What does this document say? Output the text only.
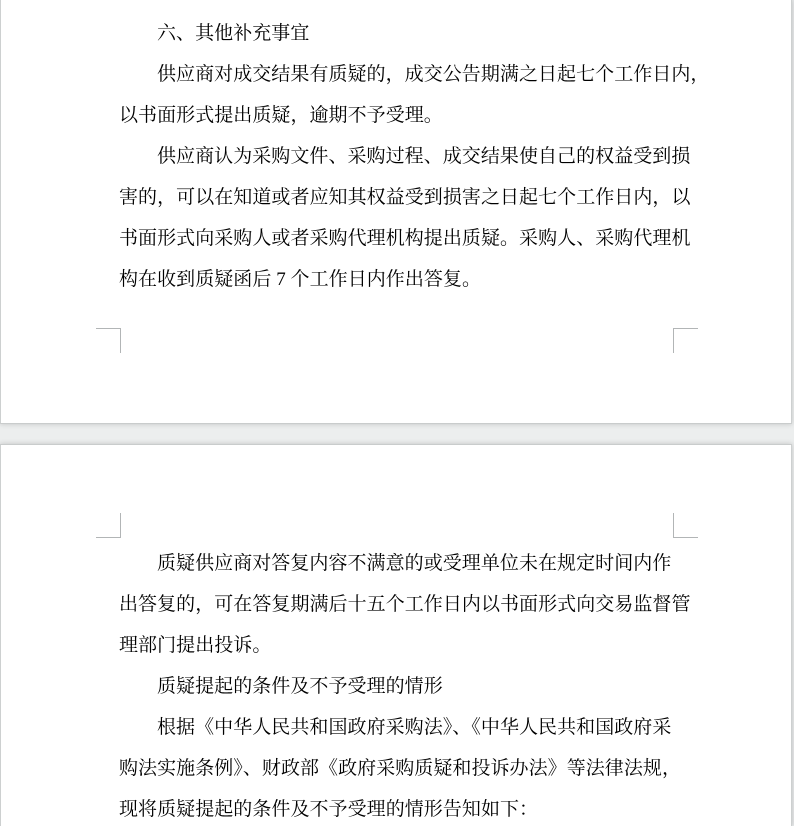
六、其他补充事宜
供应商对成交结果有质疑的，成交公告期满之日起七个工作日内，
以书面形式提出质疑，逾期不予受理。
供应商认为采购文件、采购过程、成交结果使自己的权益受到损
害的，可以在知道或者应知其权益受到损害之日起七个工作日内，以
书面形式向采购人或者采购代理机构提出质疑。采购人、采购代理机
构在收到质疑函后 7 个工作日内作出答复。
质疑供应商对答复内容不满意的或受理单位未在规定时间内作
出答复的，可在答复期满后十五个工作日内以书面形式向交易监督管
理部门提出投诉。
质疑提起的条件及不予受理的情形
根据《中华人民共和国政府采购法》、《中华人民共和国政府采
购法实施条例》、财政部《政府采购质疑和投诉办法》等法律法规，
现将质疑提起的条件及不予受理的情形告知如下：
